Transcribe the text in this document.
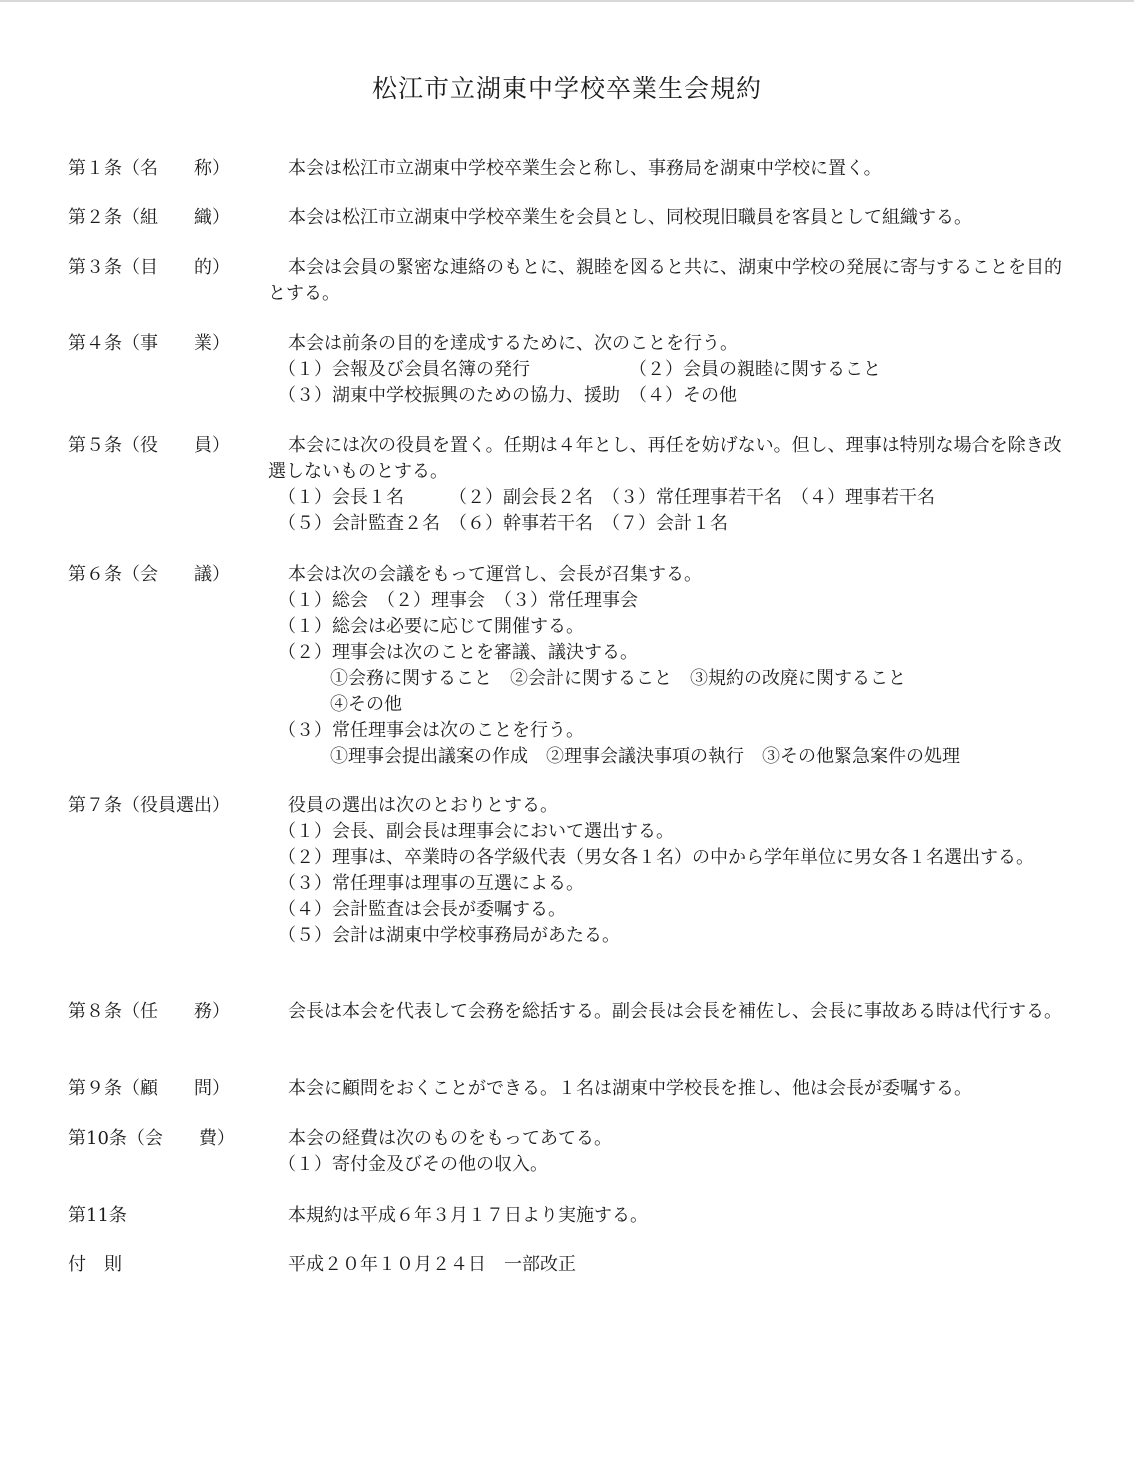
松江市立湖東中学校卒業生会規約
第１条（名　　称）	本会は松江市立湖東中学校卒業生会と称し、事務局を湖東中学校に置く。

第２条（組　　織）	本会は松江市立湖東中学校卒業生を会員とし、同校現旧職員を客員として組織する。

第３条（目　　的）	本会は会員の緊密な連絡のもとに、親睦を図ると共に、湖東中学校の発展に寄与することを目的とする。

第４条（事　　業）	本会は前条の目的を達成するために、次のことを行う。

（１）会報及び会員名簿の発行　　　　　　（２）会員の親睦に関すること

（３）湖東中学校振興のための協力、援助　（４）その他

第５条（役　　員）	本会には次の役員を置く。任期は４年とし、再任を妨げない。但し、理事は特別な場合を除き改選しないものとする。

（１）会長１名　　　（２）副会長２名　（３）常任理事若干名　（４）理事若干名

（５）会計監査２名　（６）幹事若干名　（７）会計１名

第６条（会　　議）	本会は次の会議をもって運営し、会長が召集する。

（１）総会　（２）理事会　（３）常任理事会

（１）総会は必要に応じて開催する。

（２）理事会は次のことを審議、議決する。

①会務に関すること　②会計に関すること　③規約の改廃に関すること

④その他

（３）常任理事会は次のことを行う。

①理事会提出議案の作成　②理事会議決事項の執行　③その他緊急案件の処理

第７条（役員選出）	役員の選出は次のとおりとする。

（１）会長、副会長は理事会において選出する。

（２）理事は、卒業時の各学級代表（男女各１名）の中から学年単位に男女各１名選出する。

（３）常任理事は理事の互選による。

（４）会計監査は会長が委嘱する。

（５）会計は湖東中学校事務局があたる。

第８条（任　　務）	会長は本会を代表して会務を総括する。副会長は会長を補佐し、会長に事故ある時は代行する。

第９条（顧　　問）	本会に顧問をおくことができる。１名は湖東中学校長を推し、他は会長が委嘱する。

第10条（会　　費）	本会の経費は次のものをもってあてる。

（１）寄付金及びその他の収入。

第11条	本規約は平成６年３月１７日より実施する。

付　則	平成２０年１０月２４日　一部改正
